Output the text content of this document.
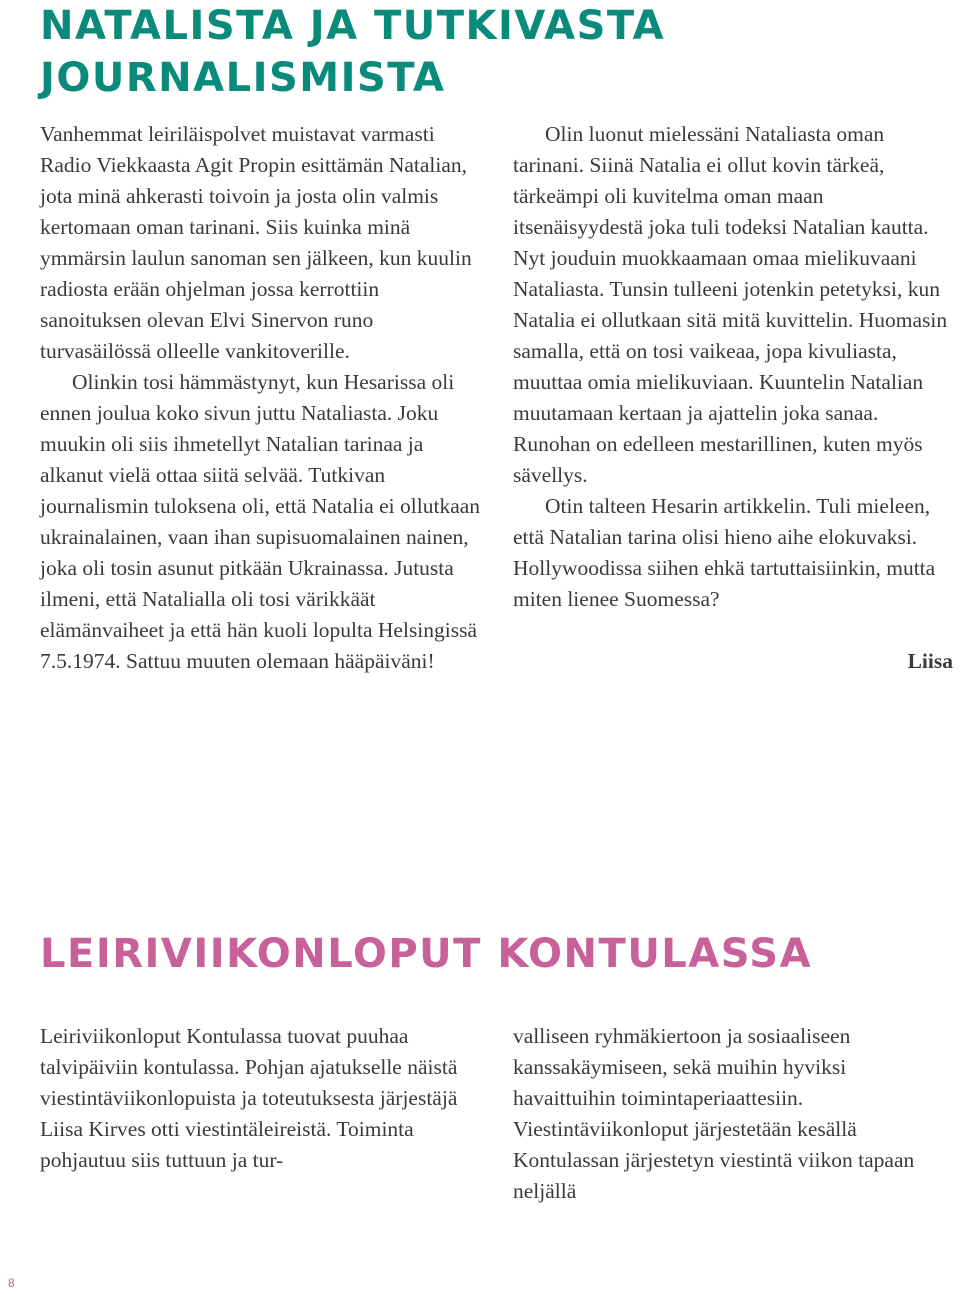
NATALISTA JA TUTKIVASTA JOURNALISMISTA

Vanhemmat leiriläispolvet muistavat varmasti Radio Viekkaasta Agit Propin esittämän Natalian, jota minä ahkerasti toivoin ja josta olin valmis kertomaan oman tarinani. Siis kuinka minä ymmärsin laulun sanoman sen jälkeen, kun kuulin radiosta erään ohjelman jossa kerrottiin sanoituksen olevan Elvi Sinervon runo turvasäilössä olleelle vankitoverille.

Olinkin tosi hämmästynyt, kun Hesarissa oli ennen joulua koko sivun juttu Nataliasta. Joku muukin oli siis ihmetellyt Natalian tarinaa ja alkanut vielä ottaa siitä selvää. Tutkivan journalismin tuloksena oli, että Natalia ei ollutkaan ukrainalainen, vaan ihan supisuomalainen nainen, joka oli tosin asunut pitkään Ukrainassa. Jutusta ilmeni, että Natalialla oli tosi värikkäät elämänvaiheet ja että hän kuoli lopulta Helsingissä 7.5.1974. Sattuu muuten olemaan hääpäiväni!

Olin luonut mielessäni Nataliasta oman tarinani. Siinä Natalia ei ollut kovin tärkeä, tärkeämpi oli kuvitelma oman maan itsenäisyydestä joka tuli todeksi Natalian kautta. Nyt jouduin muokkaamaan omaa mielikuvaani Nataliasta. Tunsin tulleeni jotenkin petetyksi, kun Natalia ei ollutkaan sitä mitä kuvittelin. Huomasin samalla, että on tosi vaikeaa, jopa kivuliasta, muuttaa omia mielikuviaan. Kuuntelin Natalian muutamaan kertaan ja ajattelin joka sanaa. Runohan on edelleen mestarillinen, kuten myös sävellys.

Otin talteen Hesarin artikkelin. Tuli mieleen, että Natalian tarina olisi hieno aihe elokuvaksi. Hollywoodissa siihen ehkä tartuttaisiinkin, mutta miten lienee Suomessa?

Liisa

LEIRIVIIKONLOPUT KONTULASSA

Leiriviikonloput Kontulassa tuovat puuhaa talvipäiviin kontulassa. Pohjan ajatukselle näistä viestintäviikonlopuista ja toteutuksesta järjestäjä Liisa Kirves otti viestintäleireistä. Toiminta pohjautuu siis tuttuun ja tur-

valliseen ryhmäkiertoon ja sosiaaliseen kanssakäymiseen, sekä muihin hyviksi havaittuihin toimintaperiaattesiin. Viestintäviikonloput järjestetään kesällä Kontulassan järjestetyn viestintä viikon tapaan neljällä

8
